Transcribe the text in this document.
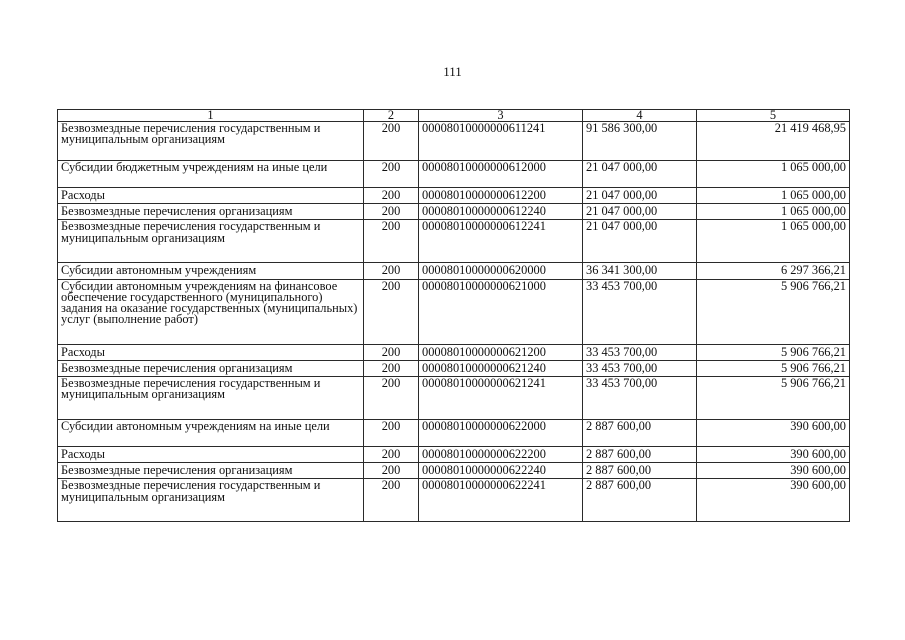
111
1	2	3	4	5
Безвозмездные перечисления государственным и муниципальным организациям	200	00008010000000611241	91 586 300,00	21 419 468,95
Субсидии бюджетным учреждениям на иные цели	200	00008010000000612000	21 047 000,00	1 065 000,00
Расходы	200	00008010000000612200	21 047 000,00	1 065 000,00
Безвозмездные перечисления организациям	200	00008010000000612240	21 047 000,00	1 065 000,00
Безвозмездные перечисления государственным и муниципальным организациям	200	00008010000000612241	21 047 000,00	1 065 000,00
Субсидии автономным учреждениям	200	00008010000000620000	36 341 300,00	6 297 366,21
Субсидии автономным учреждениям на финансовое обеспечение государственного (муниципального) задания на оказание государственных (муниципальных) услуг (выполнение работ)	200	00008010000000621000	33 453 700,00	5 906 766,21
Расходы	200	00008010000000621200	33 453 700,00	5 906 766,21
Безвозмездные перечисления организациям	200	00008010000000621240	33 453 700,00	5 906 766,21
Безвозмездные перечисления государственным и муниципальным организациям	200	00008010000000621241	33 453 700,00	5 906 766,21
Субсидии автономным учреждениям на иные цели	200	00008010000000622000	2 887 600,00	390 600,00
Расходы	200	00008010000000622200	2 887 600,00	390 600,00
Безвозмездные перечисления организациям	200	00008010000000622240	2 887 600,00	390 600,00
Безвозмездные перечисления государственным и муниципальным организациям	200	00008010000000622241	2 887 600,00	390 600,00
